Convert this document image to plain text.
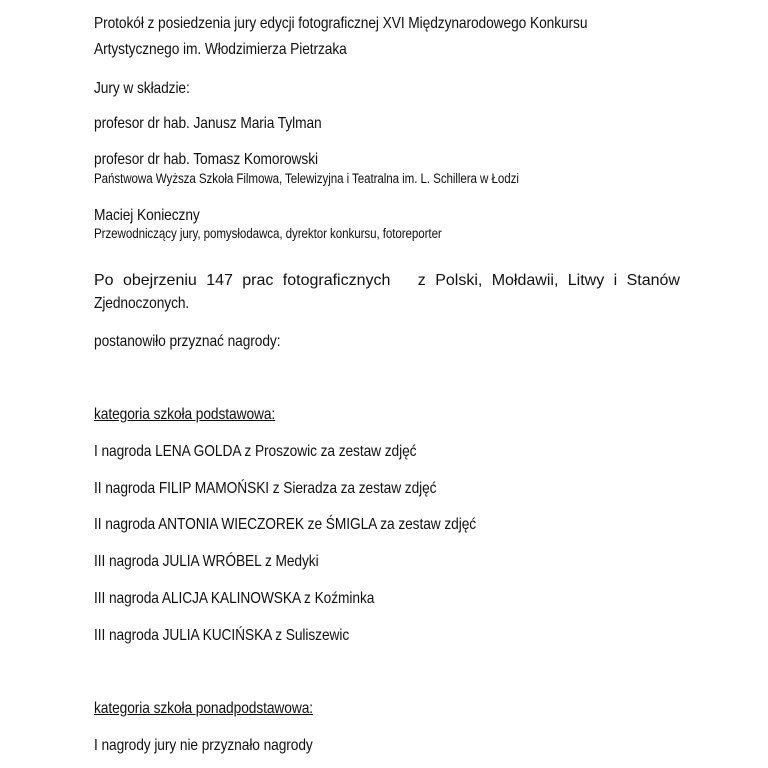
Protokół z posiedzenia jury edycji fotograficznej XVI Międzynarodowego Konkursu
Artystycznego im. Włodzimierza Pietrzaka
Jury w składzie:
profesor dr hab. Janusz Maria Tylman
profesor dr hab. Tomasz Komorowski
Państwowa Wyższa Szkoła Filmowa, Telewizyjna i Teatralna im. L. Schillera w Łodzi
Maciej Konieczny
Przewodniczący jury, pomysłodawca, dyrektor konkursu, fotoreporter
Po obejrzeniu 147 prac fotograficznych z Polski, Mołdawii, Litwy i Stanów
Zjednoczonych.
postanowiło przyznać nagrody:
kategoria szkoła podstawowa:
I nagroda LENA GOLDA z Proszowic za zestaw zdjęć
II nagroda FILIP MAMOŃSKI z Sieradza za zestaw zdjęć
II nagroda ANTONIA WIECZOREK ze ŚMIGLA za zestaw zdjęć
III nagroda JULIA WRÓBEL z Medyki
III nagroda ALICJA KALINOWSKA z Koźminka
III nagroda JULIA KUCIŃSKA z Suliszewic
kategoria szkoła ponadpodstawowa:
I nagrody jury nie przyznało nagrody
